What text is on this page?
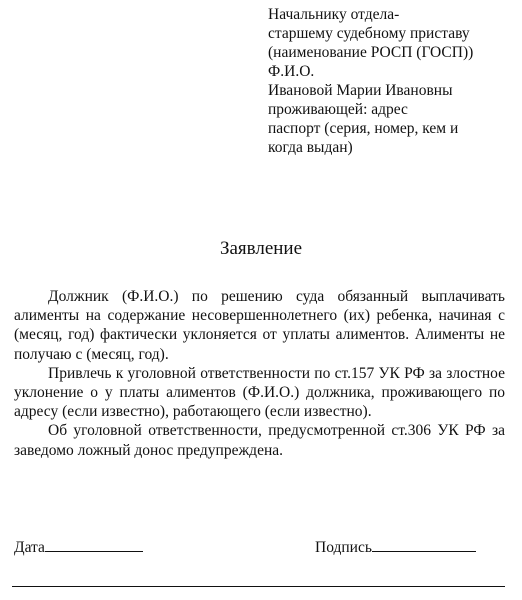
Начальнику отдела-
старшему судебному приставу
(наименование РОСП (ГОСП))
Ф.И.О.
Ивановой Марии Ивановны
проживающей: адрес
паспорт (серия, номер, кем и
когда выдан)
Заявление

Должник (Ф.И.О.) по решению суда обязанный выплачивать алименты на содержание несовершеннолетнего (их) ребенка, начиная с (месяц, год) фактически уклоняется от уплаты алиментов. Алименты не получаю с (месяц, год).

Привлечь к уголовной ответственности по ст.157 УК РФ за злостное уклонение о у платы алиментов (Ф.И.О.) должника, проживающего по адресу (если известно), работающего (если известно).

Об уголовной ответственности, предусмотренной ст.306 УК РФ за заведомо ложный донос предупреждена.

Дата	Подпись
